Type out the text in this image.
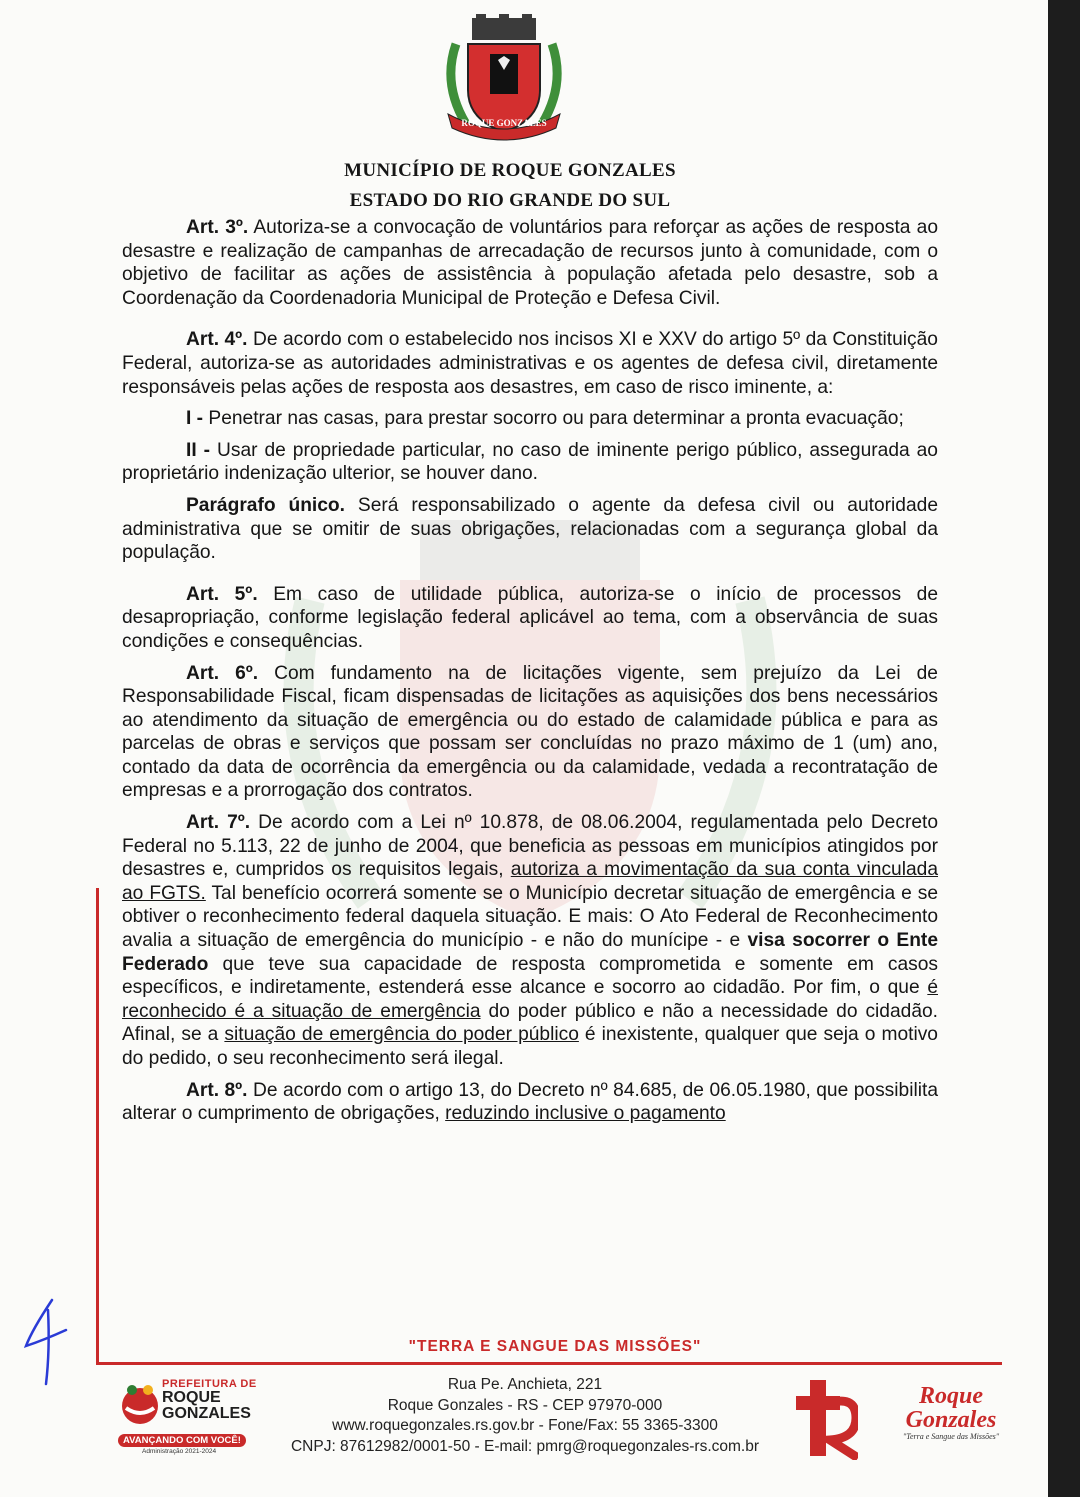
ROQUE GONZALES
MUNICÍPIO DE ROQUE GONZALES
ESTADO DO RIO GRANDE DO SUL

Art. 3º. Autoriza-se a convocação de voluntários para reforçar as ações de resposta ao desastre e realização de campanhas de arrecadação de recursos junto à comunidade, com o objetivo de facilitar as ações de assistência à população afetada pelo desastre, sob a Coordenação da Coordenadoria Municipal de Proteção e Defesa Civil.

Art. 4º. De acordo com o estabelecido nos incisos XI e XXV do artigo 5º da Constituição Federal, autoriza-se as autoridades administrativas e os agentes de defesa civil, diretamente responsáveis pelas ações de resposta aos desastres, em caso de risco iminente, a:

I - Penetrar nas casas, para prestar socorro ou para determinar a pronta evacuação;

II - Usar de propriedade particular, no caso de iminente perigo público, assegurada ao proprietário indenização ulterior, se houver dano.

Parágrafo único. Será responsabilizado o agente da defesa civil ou autoridade administrativa que se omitir de suas obrigações, relacionadas com a segurança global da população.

Art. 5º. Em caso de utilidade pública, autoriza-se o início de processos de desapropriação, conforme legislação federal aplicável ao tema, com a observância de suas condições e consequências.

Art. 6º. Com fundamento na de licitações vigente, sem prejuízo da Lei de Responsabilidade Fiscal, ficam dispensadas de licitações as aquisições dos bens necessários ao atendimento da situação de emergência ou do estado de calamidade pública e para as parcelas de obras e serviços que possam ser concluídas no prazo máximo de 1 (um) ano, contado da data de ocorrência da emergência ou da calamidade, vedada a recontratação de empresas e a prorrogação dos contratos.

Art. 7º. De acordo com a Lei nº 10.878, de 08.06.2004, regulamentada pelo Decreto Federal no 5.113, 22 de junho de 2004, que beneficia as pessoas em municípios atingidos por desastres e, cumpridos os requisitos legais, autoriza a movimentação da sua conta vinculada ao FGTS. Tal benefício ocorrerá somente se o Município decretar situação de emergência e se obtiver o reconhecimento federal daquela situação. E mais: O Ato Federal de Reconhecimento avalia a situação de emergência do município - e não do munícipe - e visa socorrer o Ente Federado que teve sua capacidade de resposta comprometida e somente em casos específicos, e indiretamente, estenderá esse alcance e socorro ao cidadão. Por fim, o que é reconhecido é a situação de emergência do poder público e não a necessidade do cidadão. Afinal, se a situação de emergência do poder público é inexistente, qualquer que seja o motivo do pedido, o seu reconhecimento será ilegal.

Art. 8º. De acordo com o artigo 13, do Decreto nº 84.685, de 06.05.1980, que possibilita alterar o cumprimento de obrigações, reduzindo inclusive o pagamento

"TERRA E SANGUE DAS MISSÕES"
PREFEITURA DE
ROQUE
GONZALES
AVANÇANDO COM VOCÊ!
Administração 2021-2024
Rua Pe. Anchieta, 221
Roque Gonzales - RS - CEP 97970-000
www.roquegonzales.rs.gov.br - Fone/Fax: 55 3365-3300
CNPJ: 87612982/0001-50 - E-mail: pmrg@roquegonzales-rs.com.br
Roque
Gonzales
"Terra e Sangue das Missões"
